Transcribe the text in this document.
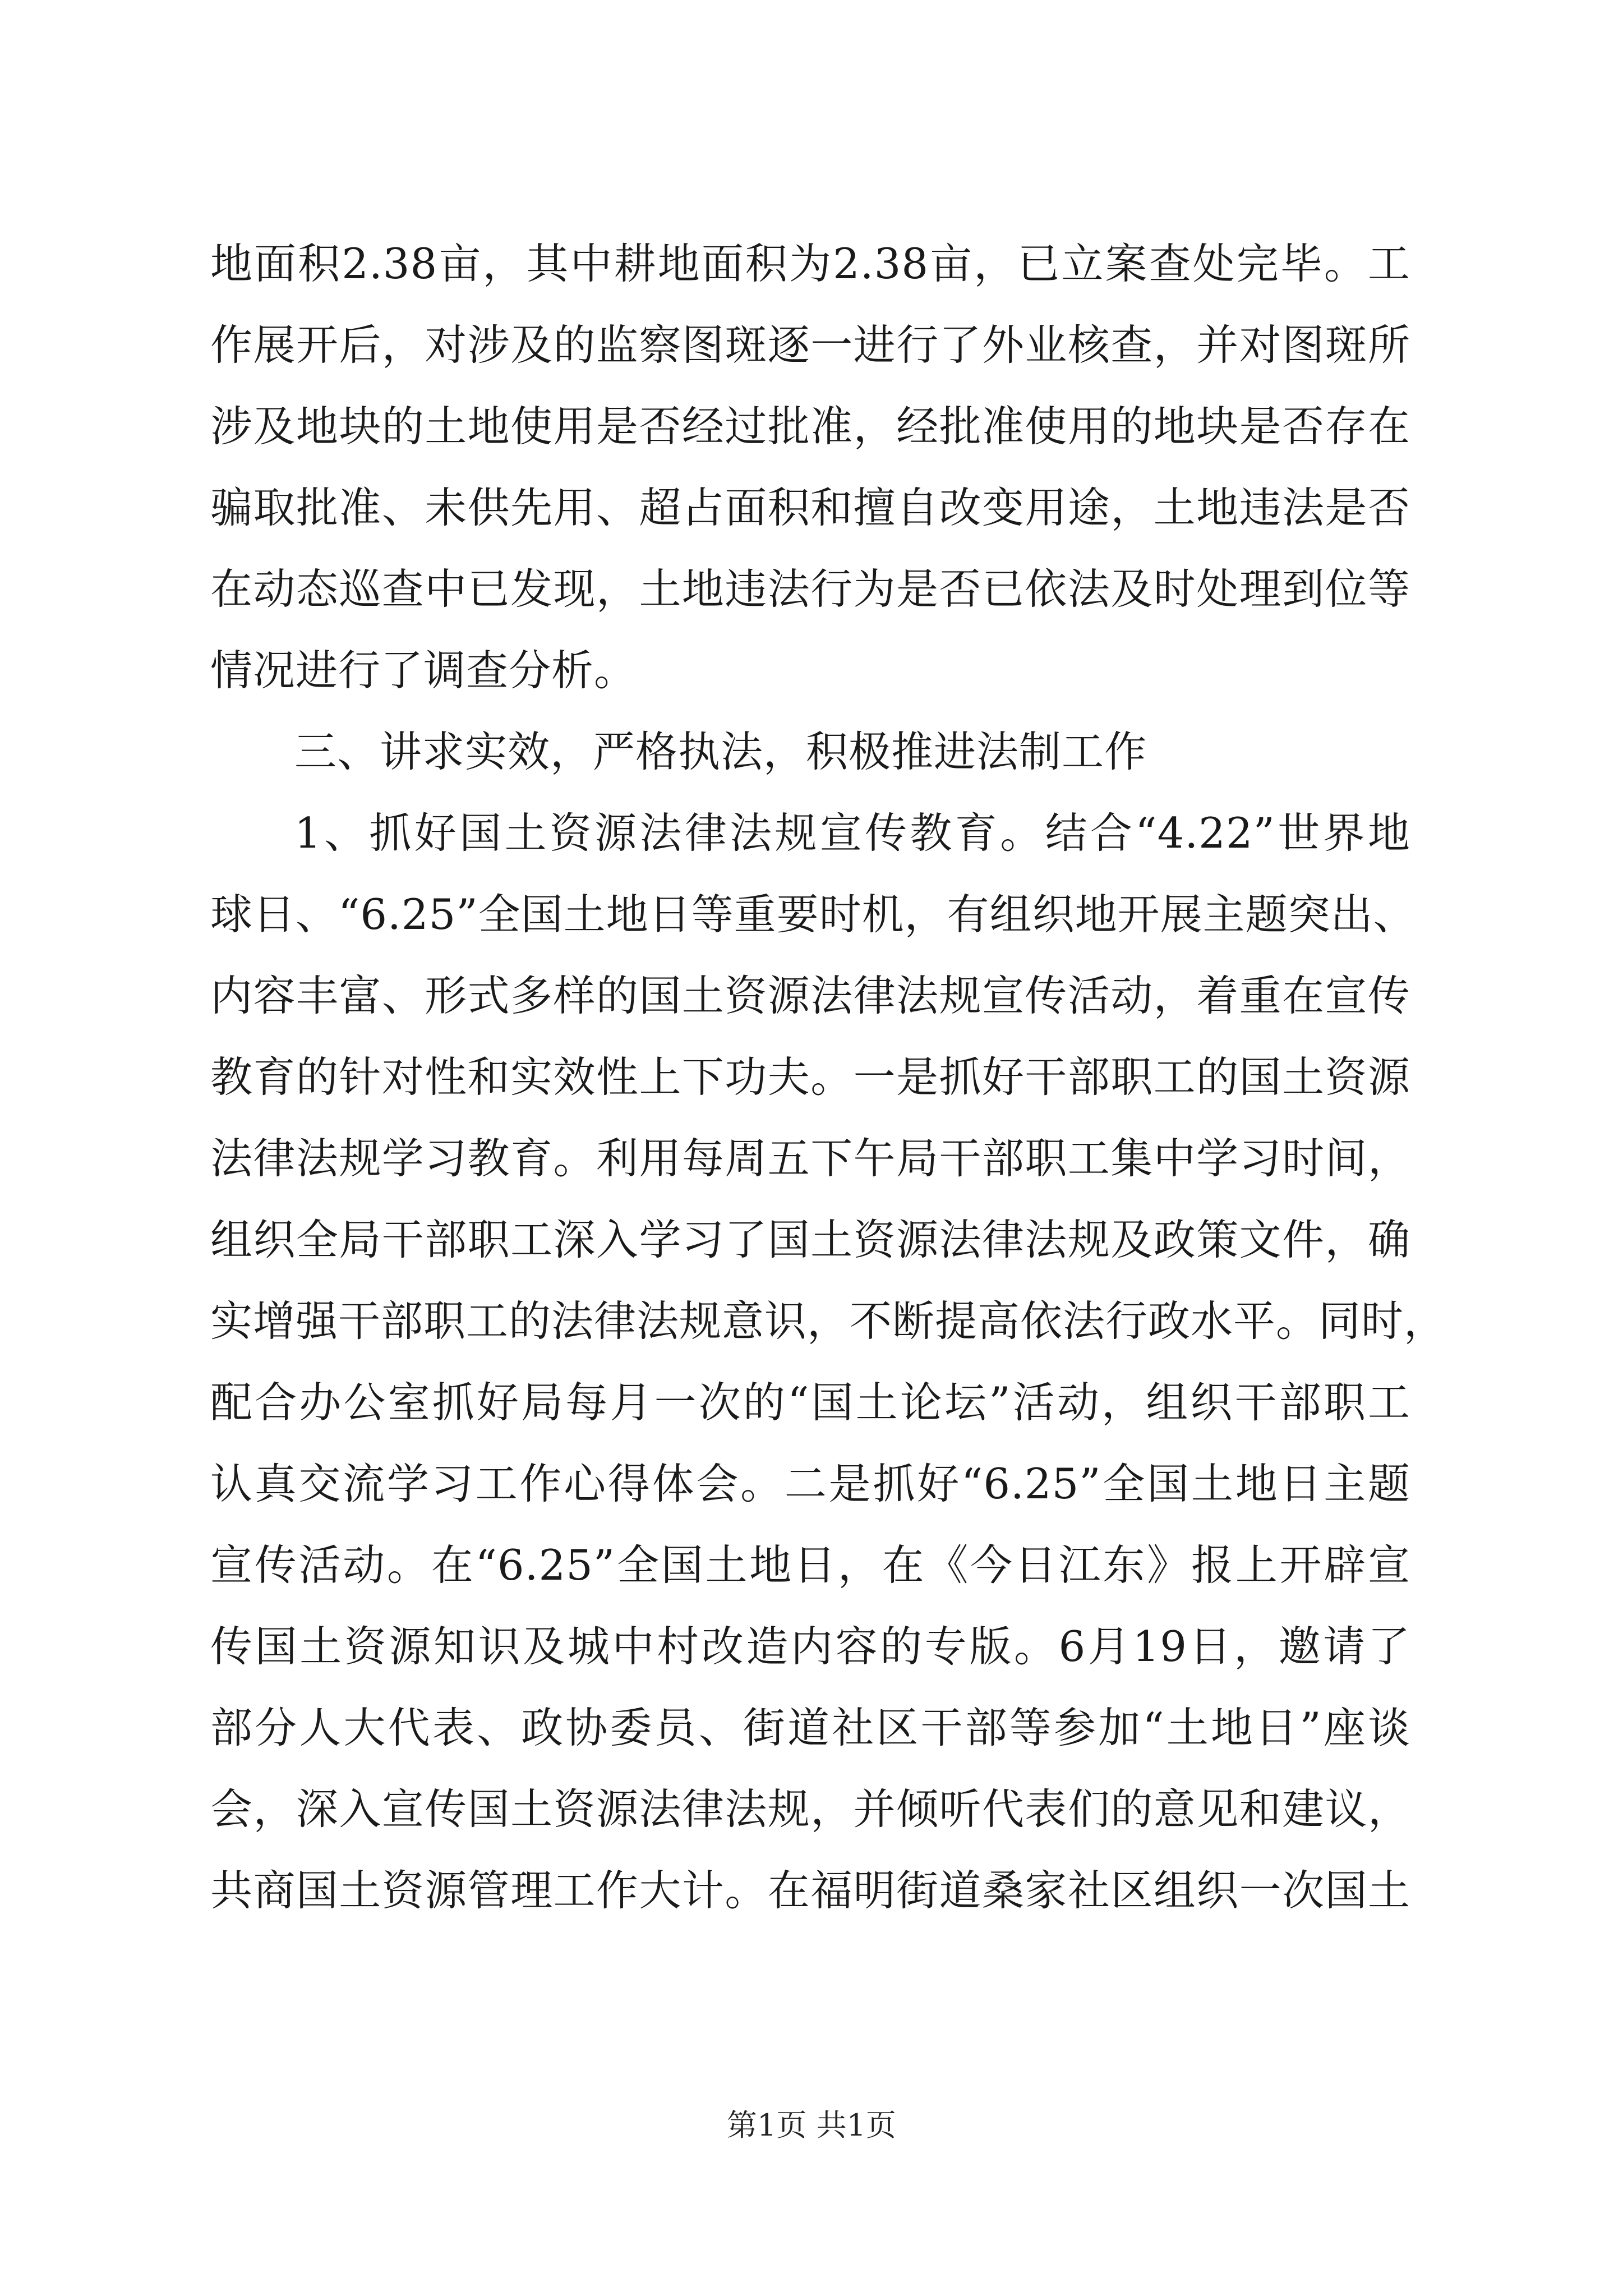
地面积2.38亩，其中耕地面积为2.38亩，已立案查处完毕。工
作展开后，对涉及的监察图斑逐一进行了外业核查，并对图斑所
涉及地块的土地使用是否经过批准，经批准使用的地块是否存在
骗取批准、未供先用、超占面积和擅自改变用途，土地违法是否
在动态巡查中已发现，土地违法行为是否已依法及时处理到位等
情况进行了调查分析。
三、讲求实效，严格执法，积极推进法制工作
1、抓好国土资源法律法规宣传教育。结合“4.22”世界地
球日、“6.25”全国土地日等重要时机，有组织地开展主题突出、
内容丰富、形式多样的国土资源法律法规宣传活动，着重在宣传
教育的针对性和实效性上下功夫。一是抓好干部职工的国土资源
法律法规学习教育。利用每周五下午局干部职工集中学习时间，
组织全局干部职工深入学习了国土资源法律法规及政策文件，确
实增强干部职工的法律法规意识，不断提高依法行政水平。同时，
配合办公室抓好局每月一次的“国土论坛”活动，组织干部职工
认真交流学习工作心得体会。二是抓好“6.25”全国土地日主题
宣传活动。在“6.25”全国土地日，在《今日江东》报上开辟宣
传国土资源知识及城中村改造内容的专版。6月19日，邀请了
部分人大代表、政协委员、街道社区干部等参加“土地日”座谈
会，深入宣传国土资源法律法规，并倾听代表们的意见和建议，
共商国土资源管理工作大计。在福明街道桑家社区组织一次国土
第1页 共1页
